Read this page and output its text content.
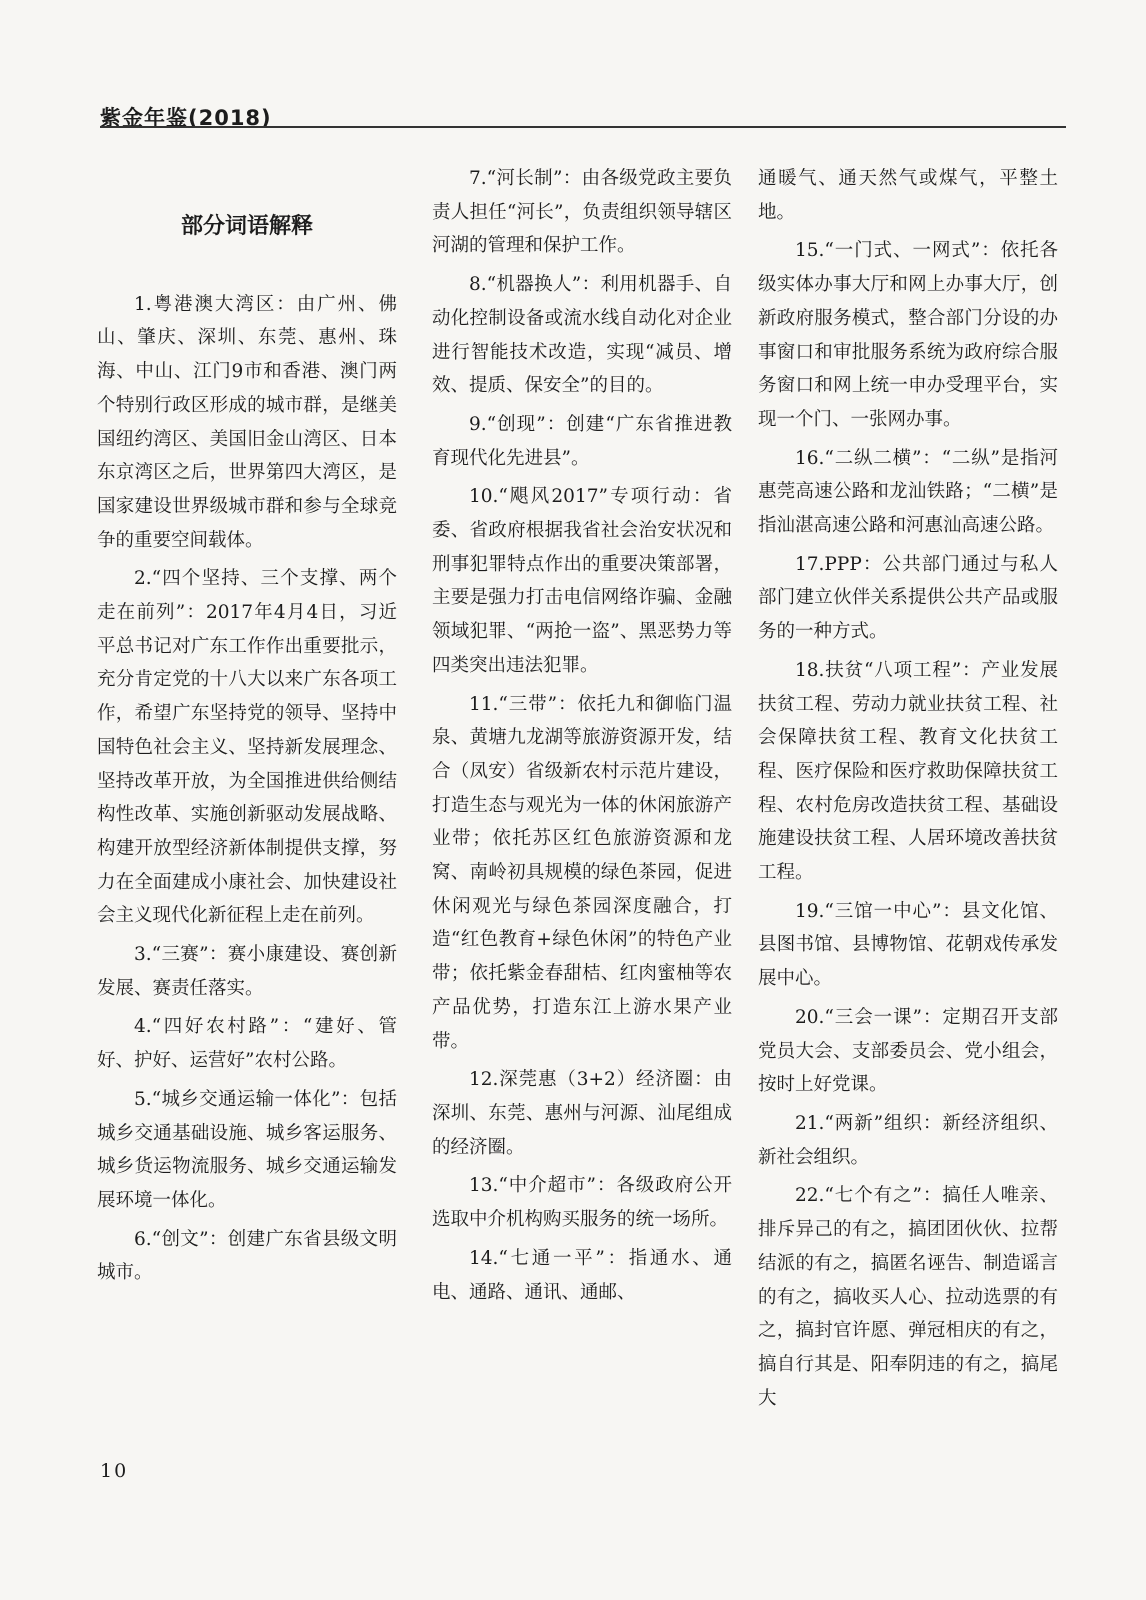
紫金年鉴(2018)
部分词语解释

1.粤港澳大湾区：由广州、佛山、肇庆、深圳、东莞、惠州、珠海、中山、江门9市和香港、澳门两个特别行政区形成的城市群，是继美国纽约湾区、美国旧金山湾区、日本东京湾区之后，世界第四大湾区，是国家建设世界级城市群和参与全球竞争的重要空间载体。

2.“四个坚持、三个支撑、两个走在前列”：2017年4月4日，习近平总书记对广东工作作出重要批示，充分肯定党的十八大以来广东各项工作，希望广东坚持党的领导、坚持中国特色社会主义、坚持新发展理念、坚持改革开放，为全国推进供给侧结构性改革、实施创新驱动发展战略、构建开放型经济新体制提供支撑，努力在全面建成小康社会、加快建设社会主义现代化新征程上走在前列。

3.“三赛”：赛小康建设、赛创新发展、赛责任落实。

4.“四好农村路”：“建好、管好、护好、运营好”农村公路。

5.“城乡交通运输一体化”：包括城乡交通基础设施、城乡客运服务、城乡货运物流服务、城乡交通运输发展环境一体化。

6.“创文”：创建广东省县级文明城市。

7.“河长制”：由各级党政主要负责人担任“河长”，负责组织领导辖区河湖的管理和保护工作。

8.“机器换人”：利用机器手、自动化控制设备或流水线自动化对企业进行智能技术改造，实现“减员、增效、提质、保安全”的目的。

9.“创现”：创建“广东省推进教育现代化先进县”。

10.“飓风2017”专项行动：省委、省政府根据我省社会治安状况和刑事犯罪特点作出的重要决策部署，主要是强力打击电信网络诈骗、金融领域犯罪、“两抢一盗”、黑恶势力等四类突出违法犯罪。

11.“三带”：依托九和御临门温泉、黄塘九龙湖等旅游资源开发，结合（凤安）省级新农村示范片建设，打造生态与观光为一体的休闲旅游产业带；依托苏区红色旅游资源和龙窝、南岭初具规模的绿色茶园，促进休闲观光与绿色茶园深度融合，打造“红色教育+绿色休闲”的特色产业带；依托紫金春甜桔、红肉蜜柚等农产品优势，打造东江上游水果产业带。

12.深莞惠（3+2）经济圈：由深圳、东莞、惠州与河源、汕尾组成的经济圈。

13.“中介超市”：各级政府公开选取中介机构购买服务的统一场所。

14.“七通一平”：指通水、通电、通路、通讯、通邮、

通暖气、通天然气或煤气，平整土地。

15.“一门式、一网式”：依托各级实体办事大厅和网上办事大厅，创新政府服务模式，整合部门分设的办事窗口和审批服务系统为政府综合服务窗口和网上统一申办受理平台，实现一个门、一张网办事。

16.“二纵二横”：“二纵”是指河惠莞高速公路和龙汕铁路；“二横”是指汕湛高速公路和河惠汕高速公路。

17.PPP：公共部门通过与私人部门建立伙伴关系提供公共产品或服务的一种方式。

18.扶贫“八项工程”：产业发展扶贫工程、劳动力就业扶贫工程、社会保障扶贫工程、教育文化扶贫工程、医疗保险和医疗救助保障扶贫工程、农村危房改造扶贫工程、基础设施建设扶贫工程、人居环境改善扶贫工程。

19.“三馆一中心”：县文化馆、县图书馆、县博物馆、花朝戏传承发展中心。

20.“三会一课”：定期召开支部党员大会、支部委员会、党小组会，按时上好党课。

21.“两新”组织：新经济组织、新社会组织。

22.“七个有之”：搞任人唯亲、排斥异己的有之，搞团团伙伙、拉帮结派的有之，搞匿名诬告、制造谣言的有之，搞收买人心、拉动选票的有之，搞封官许愿、弹冠相庆的有之，搞自行其是、阳奉阴违的有之，搞尾大

10
